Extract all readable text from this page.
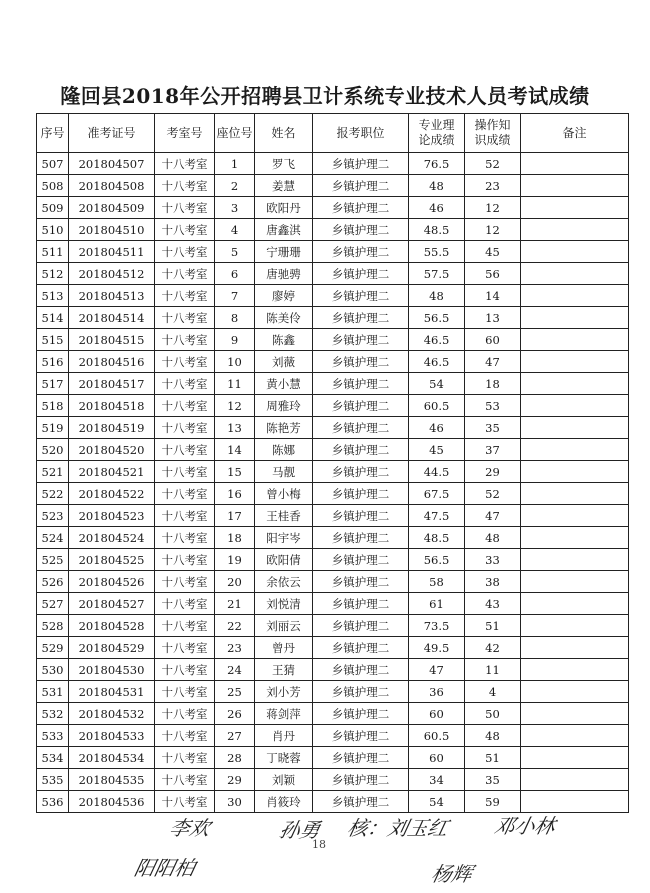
隆回县2018年公开招聘县卫计系统专业技术人员考试成绩
序号	准考证号	考室号	座位号	姓名	报考职位	专业理论成绩	操作知识成绩	备注
507	201804507	十八考室	1	罗飞	乡镇护理二	76.5	52	
508	201804508	十八考室	2	姜慧	乡镇护理二	48	23	
509	201804509	十八考室	3	欧阳丹	乡镇护理二	46	12	
510	201804510	十八考室	4	唐鑫淇	乡镇护理二	48.5	12	
511	201804511	十八考室	5	宁珊珊	乡镇护理二	55.5	45	
512	201804512	十八考室	6	唐驰骋	乡镇护理二	57.5	56	
513	201804513	十八考室	7	廖婷	乡镇护理二	48	14	
514	201804514	十八考室	8	陈美伶	乡镇护理二	56.5	13	
515	201804515	十八考室	9	陈鑫	乡镇护理二	46.5	60	
516	201804516	十八考室	10	刘薇	乡镇护理二	46.5	47	
517	201804517	十八考室	11	黄小慧	乡镇护理二	54	18	
518	201804518	十八考室	12	周雅玲	乡镇护理二	60.5	53	
519	201804519	十八考室	13	陈艳芳	乡镇护理二	46	35	
520	201804520	十八考室	14	陈娜	乡镇护理二	45	37	
521	201804521	十八考室	15	马靓	乡镇护理二	44.5	29	
522	201804522	十八考室	16	曾小梅	乡镇护理二	67.5	52	
523	201804523	十八考室	17	王桂香	乡镇护理二	47.5	47	
524	201804524	十八考室	18	阳宇岑	乡镇护理二	48.5	48	
525	201804525	十八考室	19	欧阳倩	乡镇护理二	56.5	33	
526	201804526	十八考室	20	余依云	乡镇护理二	58	38	
527	201804527	十八考室	21	刘悦清	乡镇护理二	61	43	
528	201804528	十八考室	22	刘丽云	乡镇护理二	73.5	51	
529	201804529	十八考室	23	曾丹	乡镇护理二	49.5	42	
530	201804530	十八考室	24	王猜	乡镇护理二	47	11	
531	201804531	十八考室	25	刘小芳	乡镇护理二	36	4	
532	201804532	十八考室	26	蒋剑萍	乡镇护理二	60	50	
533	201804533	十八考室	27	肖丹	乡镇护理二	60.5	48	
534	201804534	十八考室	28	丁晓蓉	乡镇护理二	60	51	
535	201804535	十八考室	29	刘颖	乡镇护理二	34	35	
536	201804536	十八考室	30	肖筱玲	乡镇护理二	54	59	
李欢	孙勇 核：刘玉红 邓小林
阳阳柏	杨辉
18
